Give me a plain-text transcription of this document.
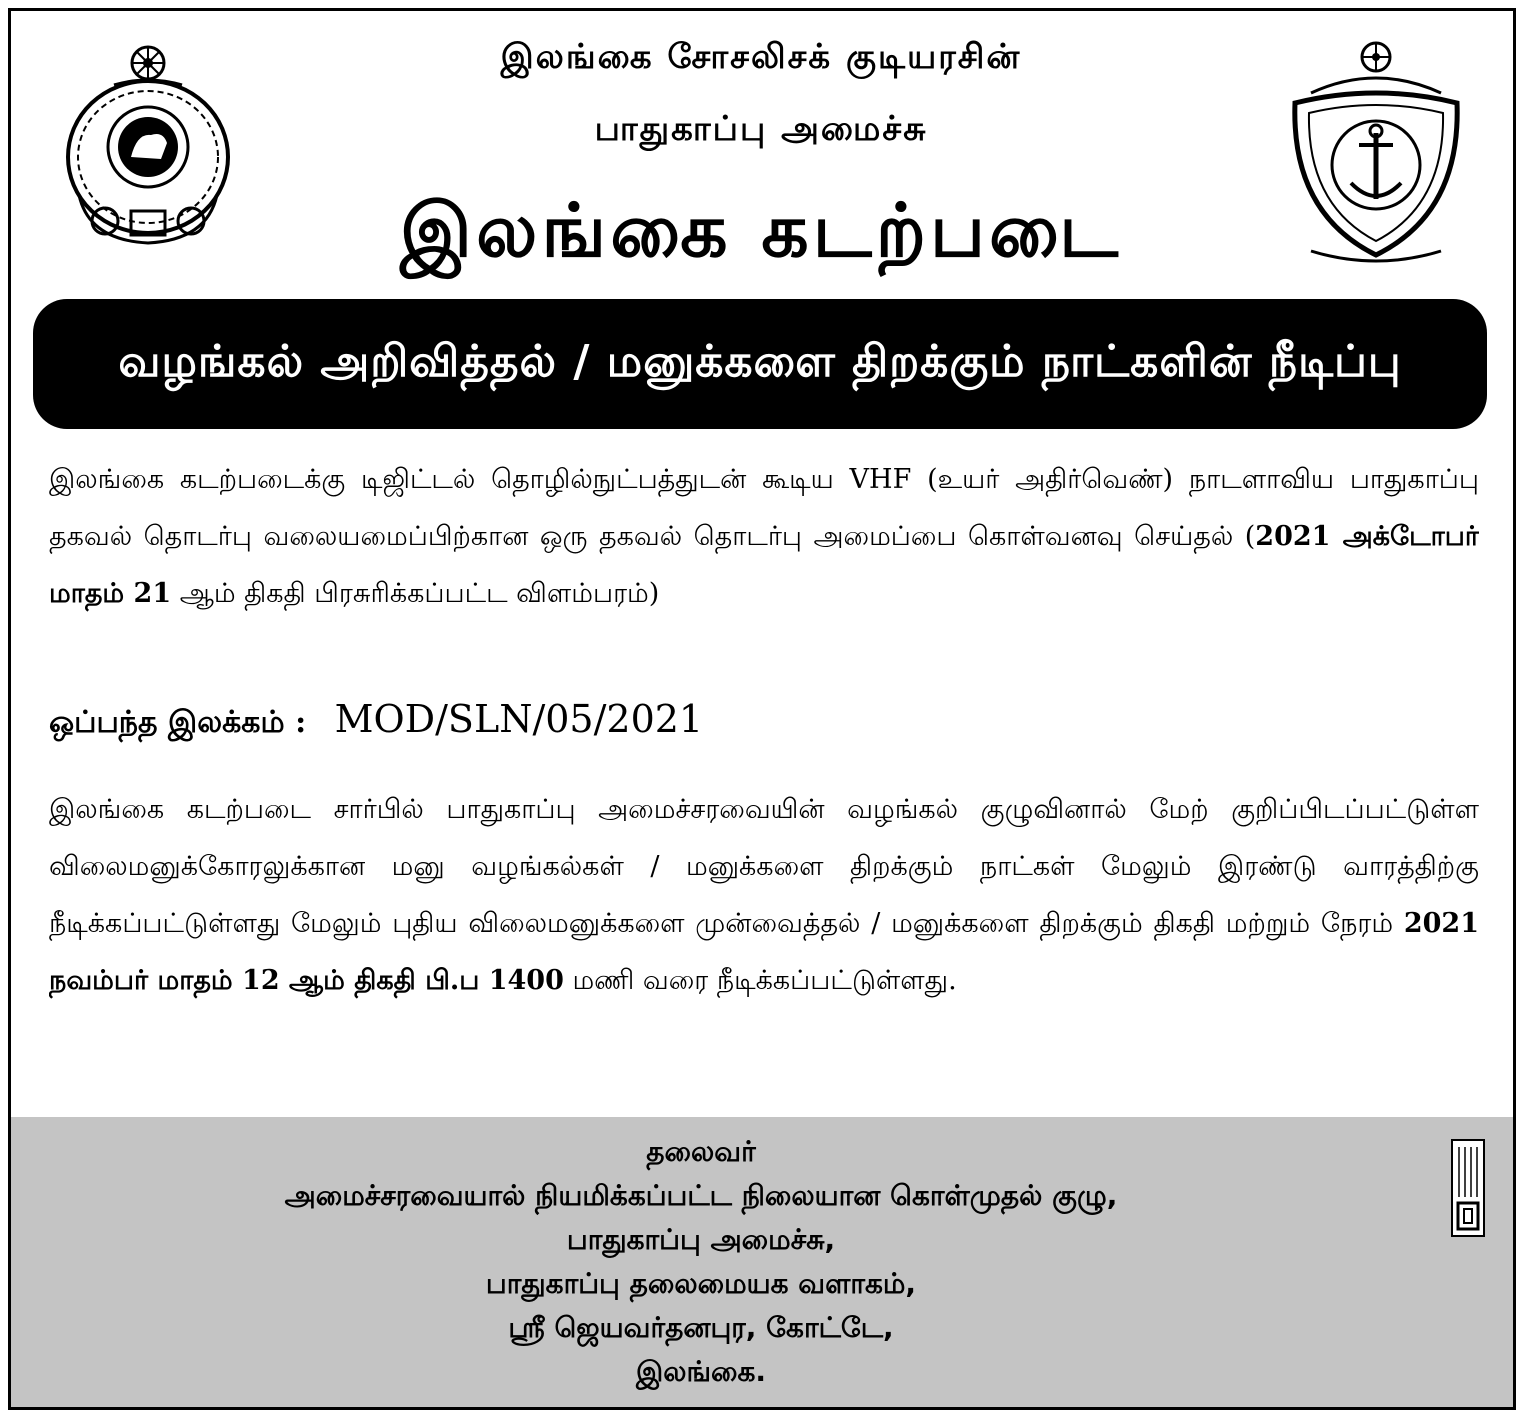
இலங்கை சோசலிசக் குடியரசின்
பாதுகாப்பு அமைச்சு
இலங்கை கடற்படை
வழங்கல் அறிவித்தல் / மனுக்களை திறக்கும் நாட்களின் நீடிப்பு
இலங்கை கடற்படைக்கு டிஜிட்டல் தொழில்நுட்பத்துடன் கூடிய VHF (உயர் அதிர்வெண்) நாடளாவிய பாதுகாப்பு தகவல் தொடர்பு வலையமைப்பிற்கான ஒரு தகவல் தொடர்பு அமைப்பை கொள்வனவு செய்தல் (2021 அக்டோபர் மாதம் 21 ஆம் திகதி பிரசுரிக்கப்பட்ட விளம்பரம்)
ஒப்பந்த இலக்கம் : MOD/SLN/05/2021
இலங்கை கடற்படை சார்பில் பாதுகாப்பு அமைச்சரவையின் வழங்கல் குழுவினால் மேற் குறிப்பிடப்பட்டுள்ள விலைமனுக்கோரலுக்கான மனு வழங்கல்கள் / மனுக்களை திறக்கும் நாட்கள் மேலும் இரண்டு வாரத்திற்கு நீடிக்கப்பட்டுள்ளது மேலும் புதிய விலைமனுக்களை முன்வைத்தல் / மனுக்களை திறக்கும் திகதி மற்றும் நேரம் 2021 நவம்பர் மாதம் 12 ஆம் திகதி பி.ப 1400 மணி வரை நீடிக்கப்பட்டுள்ளது.
தலைவர்
அமைச்சரவையால் நியமிக்கப்பட்ட நிலையான கொள்முதல் குழு,
பாதுகாப்பு அமைச்சு,
பாதுகாப்பு தலைமையக வளாகம்,
ஸ்ரீ ஜெயவர்தனபுர, கோட்டே,
இலங்கை.
